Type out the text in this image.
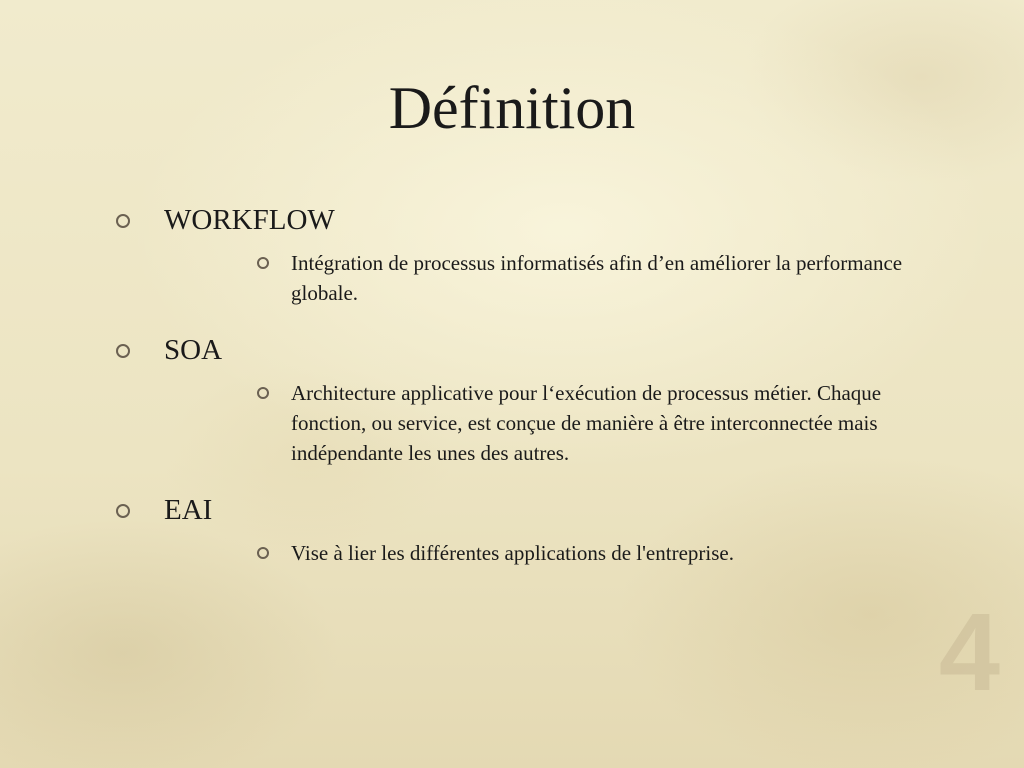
Définition
WORKFLOW
Intégration de processus informatisés afin d’en améliorer la performance globale.
SOA
Architecture applicative pour l‘exécution de processus métier. Chaque fonction, ou service, est conçue de manière à être interconnectée mais indépendante les unes des autres.
EAI
Vise à lier les différentes applications de l'entreprise.
4
